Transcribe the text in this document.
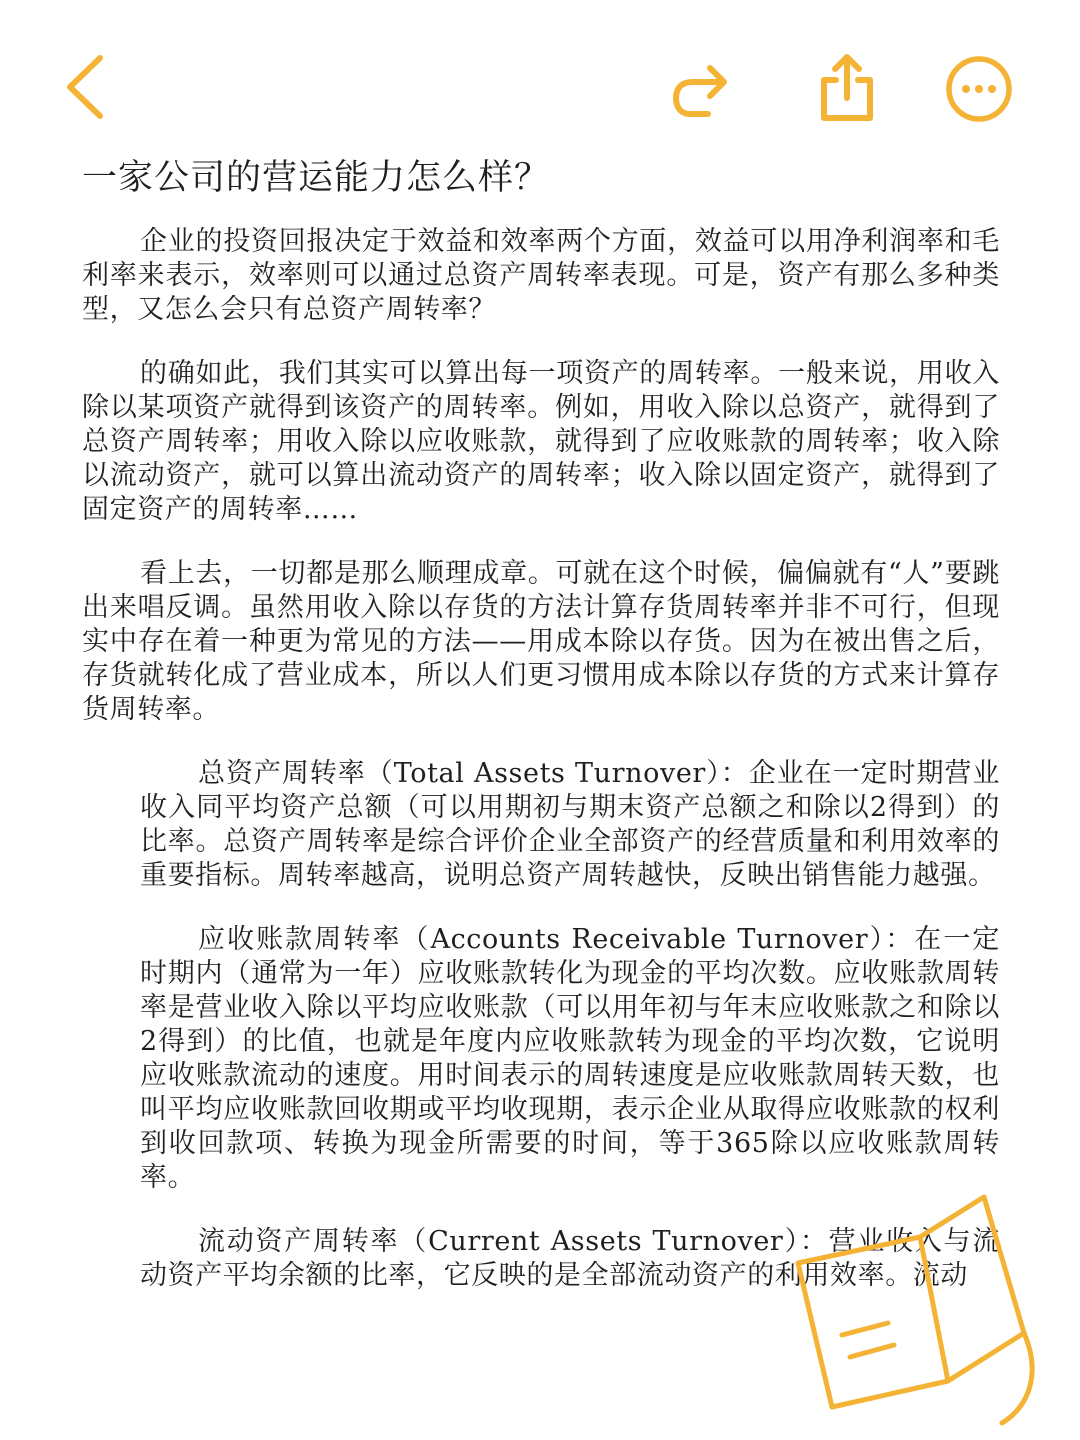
一家公司的营运能力怎么样？

企业的投资回报决定于效益和效率两个方面，效益可以用净利润率和毛利率来表示，效率则可以通过总资产周转率表现。可是，资产有那么多种类型，又怎么会只有总资产周转率？

的确如此，我们其实可以算出每一项资产的周转率。一般来说，用收入除以某项资产就得到该资产的周转率。例如，用收入除以总资产，就得到了总资产周转率；用收入除以应收账款，就得到了应收账款的周转率；收入除以流动资产，就可以算出流动资产的周转率；收入除以固定资产，就得到了固定资产的周转率……

看上去，一切都是那么顺理成章。可就在这个时候，偏偏就有“人”要跳出来唱反调。虽然用收入除以存货的方法计算存货周转率并非不可行，但现实中存在着一种更为常见的方法——用成本除以存货。因为在被出售之后，存货就转化成了营业成本，所以人们更习惯用成本除以存货的方式来计算存货周转率。

总资产周转率（Total Assets Turnover）：企业在一定时期营业收入同平均资产总额（可以用期初与期末资产总额之和除以2得到）的比率。总资产周转率是综合评价企业全部资产的经营质量和利用效率的重要指标。周转率越高，说明总资产周转越快，反映出销售能力越强。

应收账款周转率（Accounts Receivable Turnover）：在一定时期内（通常为一年）应收账款转化为现金的平均次数。应收账款周转率是营业收入除以平均应收账款（可以用年初与年末应收账款之和除以2得到）的比值，也就是年度内应收账款转为现金的平均次数，它说明应收账款流动的速度。用时间表示的周转速度是应收账款周转天数，也叫平均应收账款回收期或平均收现期，表示企业从取得应收账款的权利到收回款项、转换为现金所需要的时间，等于365除以应收账款周转率。

流动资产周转率（Current Assets Turnover）：营业收入与流动资产平均余额的比率，它反映的是全部流动资产的利用效率。流动
